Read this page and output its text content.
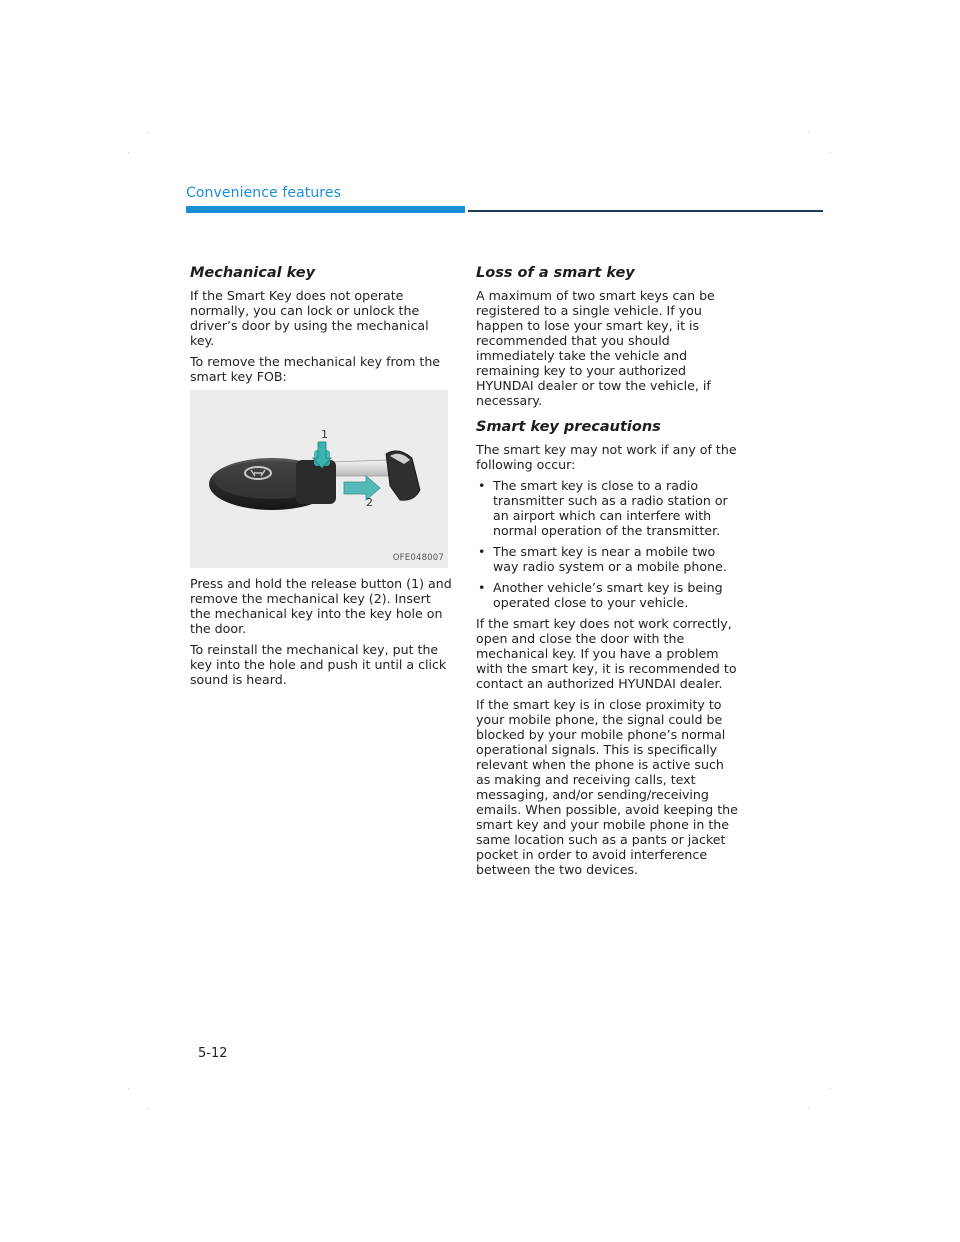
Convenience features
Mechanical key

If the Smart Key does not operate normally, you can lock or unlock the driver’s door by using the mechanical key.

To remove the mechanical key from the smart key FOB:

1
2
OFE048007

Press and hold the release button (1) and remove the mechanical key (2). Insert the mechanical key into the key hole on the door.

To reinstall the mechanical key, put the key into the hole and push it until a click sound is heard.

Loss of a smart key

A maximum of two smart keys can be registered to a single vehicle. If you happen to lose your smart key, it is recommended that you should immediately take the vehicle and remaining key to your authorized HYUNDAI dealer or tow the vehicle, if necessary.

Smart key precautions

The smart key may not work if any of the following occur:

• The smart key is close to a radio transmitter such as a radio station or an airport which can interfere with normal operation of the transmitter.
• The smart key is near a mobile two way radio system or a mobile phone.
• Another vehicle’s smart key is being operated close to your vehicle.

If the smart key does not work correctly, open and close the door with the mechanical key. If you have a problem with the smart key, it is recommended to contact an authorized HYUNDAI dealer.

If the smart key is in close proximity to your mobile phone, the signal could be blocked by your mobile phone’s normal operational signals. This is specifically relevant when the phone is active such as making and receiving calls, text messaging, and/or sending/receiving emails. When possible, avoid keeping the smart key and your mobile phone in the same location such as a pants or jacket pocket in order to avoid interference between the two devices.

5-12
